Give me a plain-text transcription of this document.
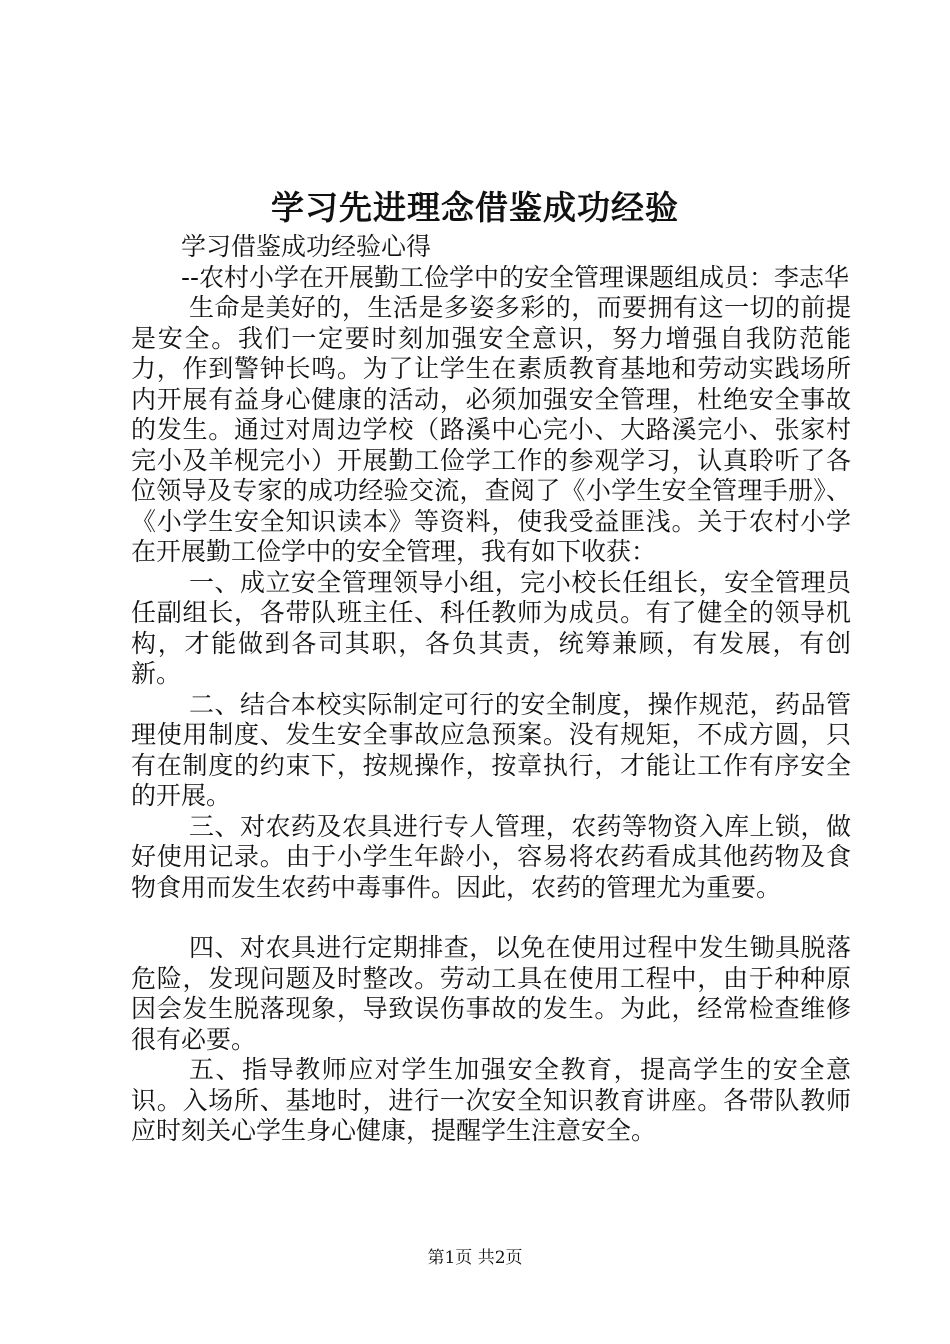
学习先进理念借鉴成功经验

学习借鉴成功经验心得

--农村小学在开展勤工俭学中的安全管理课题组成员：李志华

生命是美好的，生活是多姿多彩的，而要拥有这一切的前提是安全。我们一定要时刻加强安全意识，努力增强自我防范能力，作到警钟长鸣。为了让学生在素质教育基地和劳动实践场所内开展有益身心健康的活动，必须加强安全管理，杜绝安全事故的发生。通过对周边学校（路溪中心完小、大路溪完小、张家村完小及羊枧完小）开展勤工俭学工作的参观学习，认真聆听了各位领导及专家的成功经验交流，查阅了《小学生安全管理手册》、《小学生安全知识读本》等资料，使我受益匪浅。关于农村小学在开展勤工俭学中的安全管理，我有如下收获：

一、成立安全管理领导小组，完小校长任组长，安全管理员任副组长，各带队班主任、科任教师为成员。有了健全的领导机构，才能做到各司其职，各负其责，统筹兼顾，有发展，有创新。

二、结合本校实际制定可行的安全制度，操作规范，药品管理使用制度、发生安全事故应急预案。没有规矩，不成方圆，只有在制度的约束下，按规操作，按章执行，才能让工作有序安全的开展。

三、对农药及农具进行专人管理，农药等物资入库上锁，做好使用记录。由于小学生年龄小，容易将农药看成其他药物及食物食用而发生农药中毒事件。因此，农药的管理尤为重要。

四、对农具进行定期排查，以免在使用过程中发生锄具脱落危险，发现问题及时整改。劳动工具在使用工程中，由于种种原因会发生脱落现象，导致误伤事故的发生。为此，经常检查维修很有必要。

五、指导教师应对学生加强安全教育，提高学生的安全意识。入场所、基地时，进行一次安全知识教育讲座。各带队教师应时刻关心学生身心健康，提醒学生注意安全。

第1页 共2页
